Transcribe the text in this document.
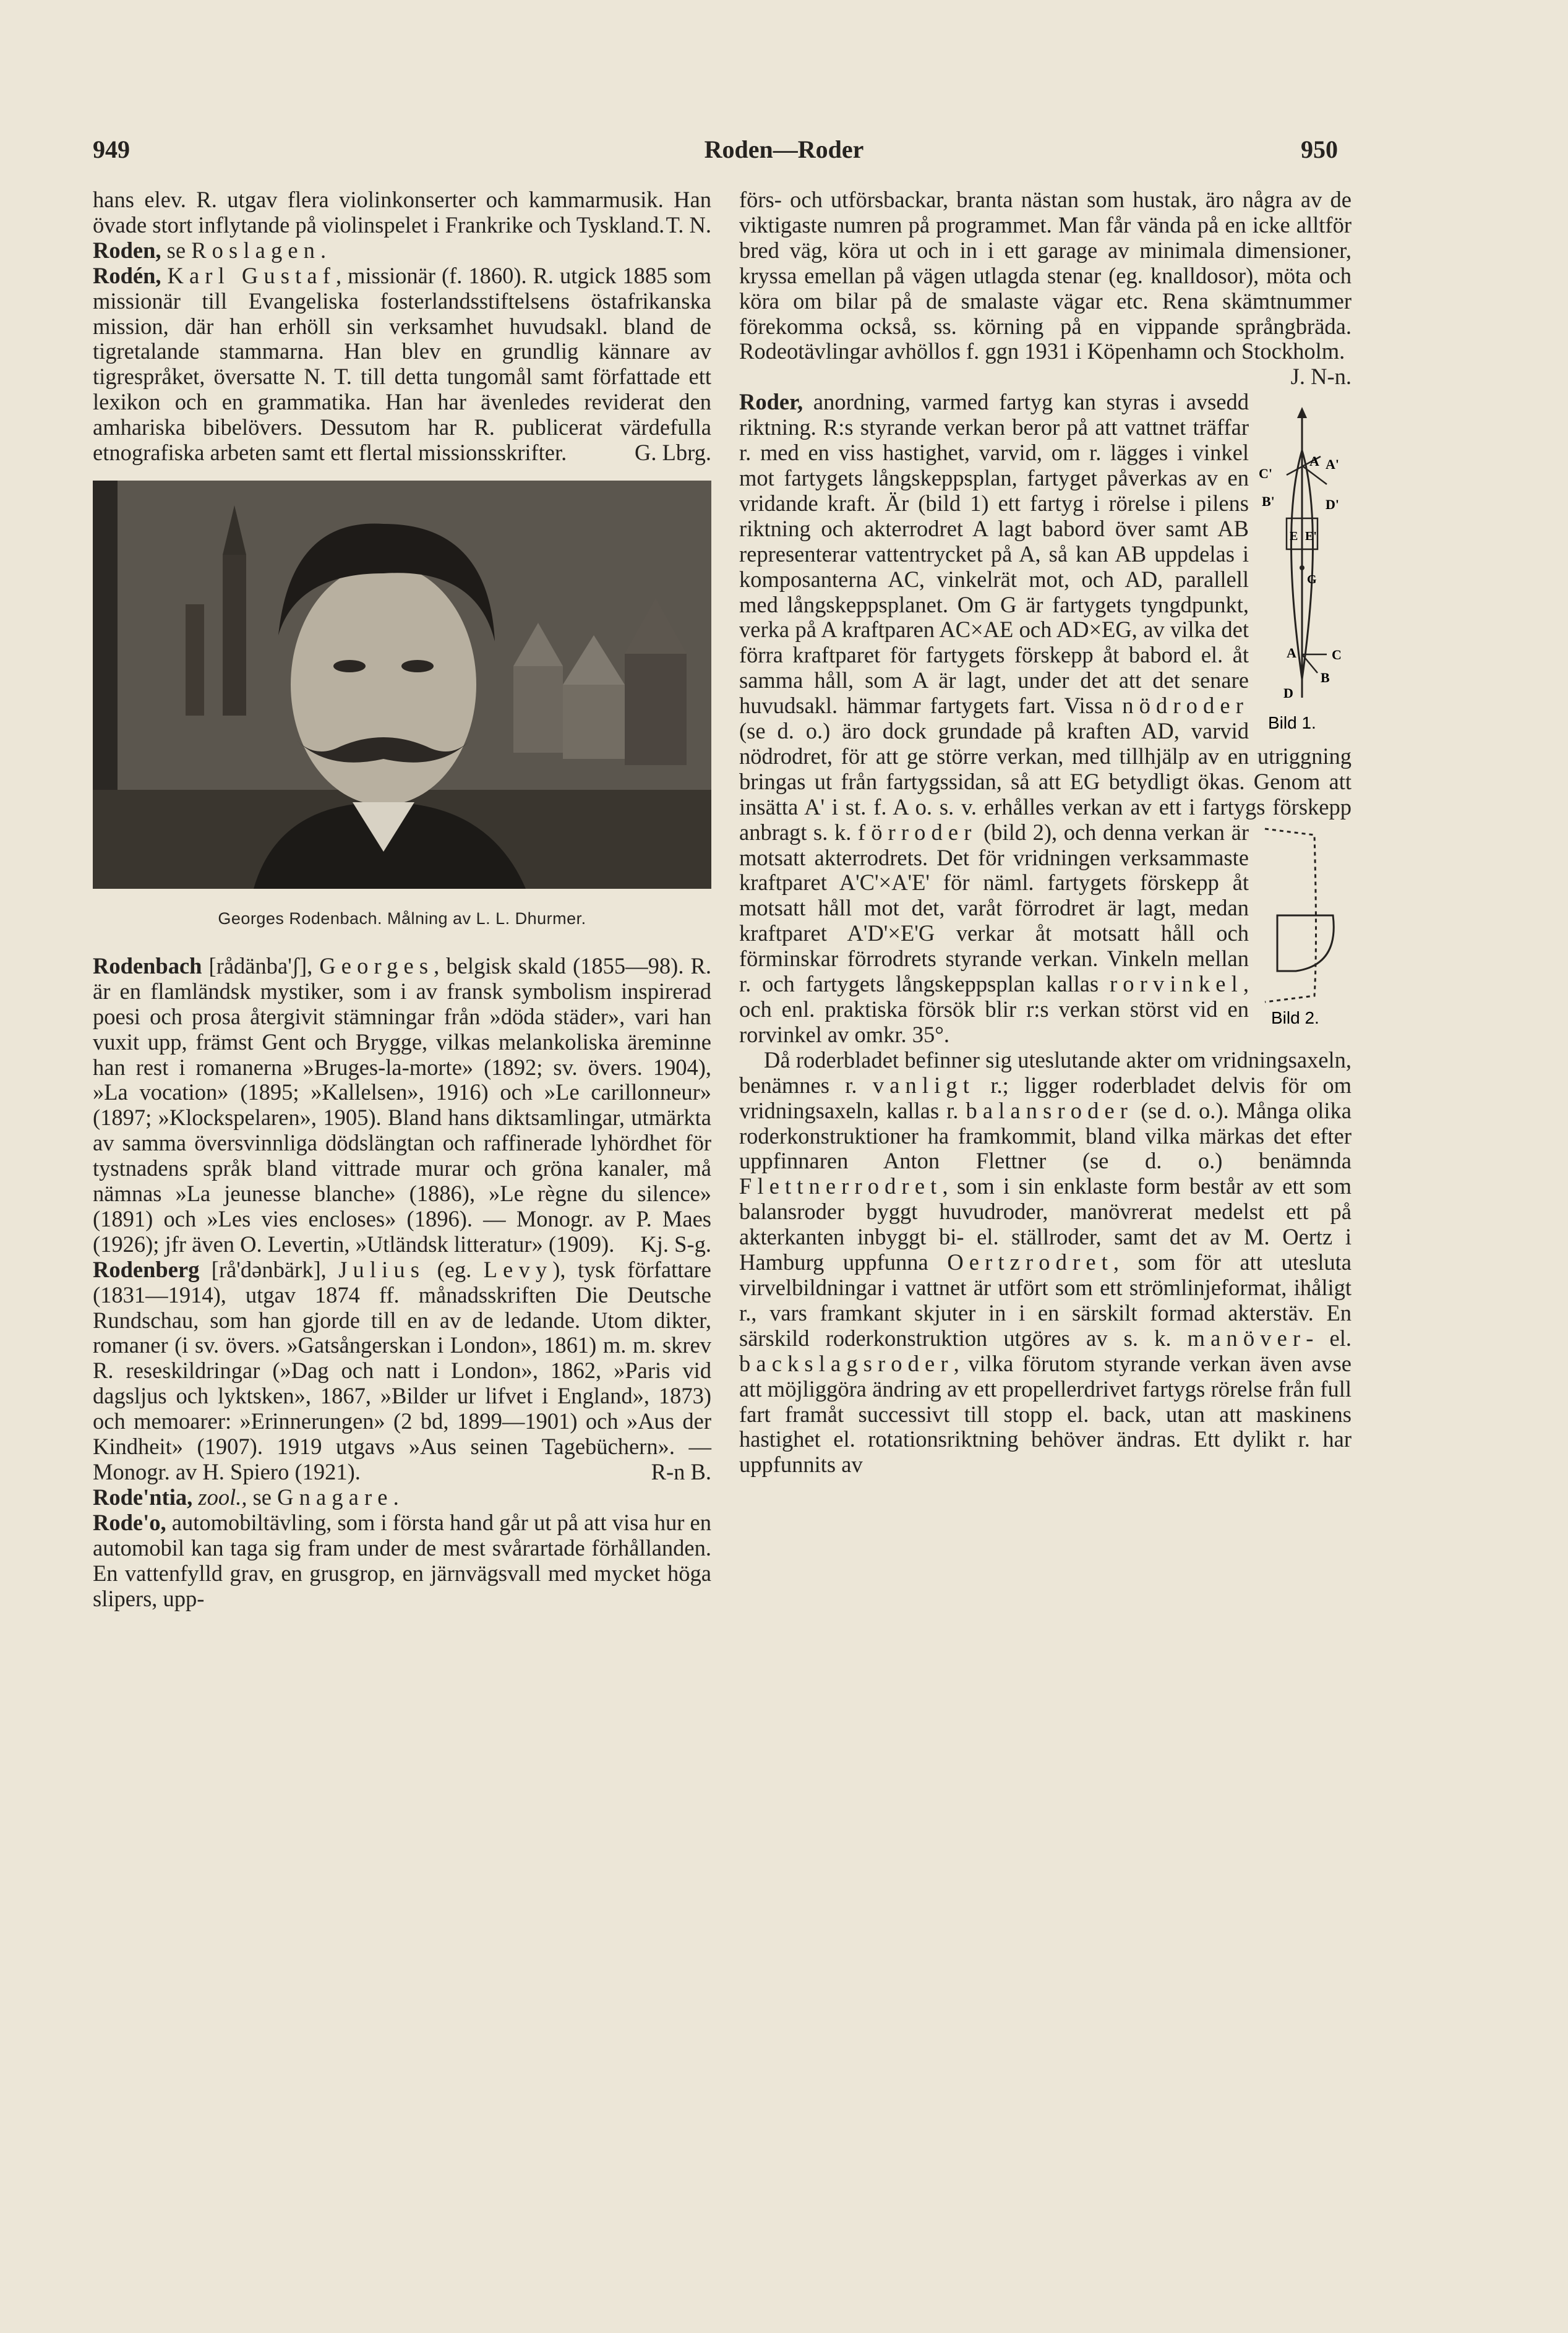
949	Roden—Roder	950

hans elev. R. utgav flera violinkonserter och kammarmusik. Han övade stort inflytande på violinspelet i Frankrike och Tyskland. T. N.

Roden, se Roslagen.

Rodén, Karl Gustaf, missionär (f. 1860). R. utgick 1885 som missionär till Evangeliska fosterlandsstiftelsens östafrikanska mission, där han erhöll sin verksamhet huvudsakl. bland de tigretalande stammarna. Han blev en grundlig kännare av tigrespråket, översatte N. T. till detta tungomål samt författade ett lexikon och en grammatika. Han har ävenledes reviderat den amhariska bibelövers. Dessutom har R. publicerat värdefulla etnografiska arbeten samt ett flertal missionsskrifter.	G. Lbrg.

Georges Rodenbach. Målning av L. L. Dhurmer.

Rodenbach [rådänba'ʃ], Georges, belgisk skald (1855—98). R. är en flamländsk mystiker, som i av fransk symbolism inspirerad poesi och prosa återgivit stämningar från »döda städer», vari han vuxit upp, främst Gent och Brygge, vilkas melankoliska äreminne han rest i romanerna »Bruges-la-morte» (1892; sv. övers. 1904), »La vocation» (1895; »Kallelsen», 1916) och »Le carillonneur» (1897; »Klockspelaren», 1905). Bland hans diktsamlingar, utmärkta av samma översvinnliga dödslängtan och raffinerade lyhördhet för tystnadens språk bland vittrade murar och gröna kanaler, må nämnas »La jeunesse blanche» (1886), »Le règne du silence» (1891) och »Les vies encloses» (1896). — Monogr. av P. Maes (1926); jfr även O. Levertin, »Utländsk litteratur» (1909). Kj. S-g.

Rodenberg [rå'dənbärk], Julius (eg. Levy), tysk författare (1831—1914), utgav 1874 ff. månadsskriften Die Deutsche Rundschau, som han gjorde till en av de ledande. Utom dikter, romaner (i sv. övers. »Gatsångerskan i London», 1861) m. m. skrev R. reseskildringar (»Dag och natt i London», 1862, »Paris vid dagsljus och lyktsken», 1867, »Bilder ur lifvet i England», 1873) och memoarer: »Erinnerungen» (2 bd, 1899—1901) och »Aus der Kindheit» (1907). 1919 utgavs »Aus seinen Tagebüchern». — Monogr. av H. Spiero (1921).	R-n B.

Rode'ntia, zool., se Gnagare.

Rode'o, automobiltävling, som i första hand går ut på att visa hur en automobil kan taga sig fram under de mest svårartade förhållanden. En vattenfylld grav, en grusgrop, en järnvägsvall med mycket höga slipers, upp-

förs- och utförsbackar, branta nästan som hustak, äro några av de viktigaste numren på programmet. Man får vända på en icke alltför bred väg, köra ut och in i ett garage av minimala dimensioner, kryssa emellan på vägen utlagda stenar (eg. knalldosor), möta och köra om bilar på de smalaste vägar etc. Rena skämtnummer förekomma också, ss. körning på en vippande språngbräda. Rodeotävlingar avhöllos f. ggn 1931 i Köpenhamn och Stockholm.
J. N-n.

A
C'
A'
B'	D'
E E'
A	C
B
D
G
Bild 1.
Roder, anordning, varmed fartyg kan styras i avsedd riktning. R:s styrande verkan beror på att vattnet träffar r. med en viss hastighet, varvid, om r. lägges i vinkel mot fartygets långskeppsplan, fartyget påverkas av en vridande kraft. Är (bild 1) ett fartyg i rörelse i pilens riktning och akterrodret A lagt babord över samt AB representerar vattentrycket på A, så kan AB uppdelas i komposanterna AC, vinkelrät mot, och AD, parallell med långskeppsplanet. Om G är fartygets tyngdpunkt, verka på A kraftparen AC×AE och AD×EG, av vilka det förra kraftparet för fartygets förskepp åt babord el. åt samma håll, som A är lagt, under det att det senare huvudsakl. hämmar fartygets fart. Vissa nödroder (se d. o.) äro dock grundade på kraften AD, varvid nödrodret, för att ge större verkan, med tillhjälp av en utriggning bringas ut från fartygssidan, så att EG betydligt ökas. Genom att insätta A' i st. f. A o. s. v. erhålles verkan av ett i fartygs förskepp anbragt s. k.
Bild 2.
förroder (bild 2), och denna verkan är motsatt akterrodrets. Det för vridningen verksammaste kraftparet A'C'×A'E' för näml. fartygets förskepp åt motsatt håll mot det, varåt förrodret är lagt, medan kraftparet A'D'×E'G verkar åt motsatt håll och förminskar förrodrets styrande verkan. Vinkeln mellan r. och fartygets långskeppsplan kallas rorvinkel, och enl. praktiska försök blir r:s verkan störst vid en rorvinkel av omkr. 35°.

Då roderbladet befinner sig uteslutande akter om vridningsaxeln, benämnes r. vanligt r.; ligger roderbladet delvis för om vridningsaxeln, kallas r. balansroder (se d. o.). Många olika roderkonstruktioner ha framkommit, bland vilka märkas det efter uppfinnaren Anton Flettner (se d. o.) benämnda Flettnerrodret, som i sin enklaste form består av ett som balansroder byggt huvudroder, manövrerat medelst ett på akterkanten inbyggt bi- el. ställroder, samt det av M. Oertz i Hamburg uppfunna Oertzrodret, som för att utesluta virvelbildningar i vattnet är utfört som ett strömlinjeformat, ihåligt r., vars framkant skjuter in i en särskilt formad akterstäv. En särskild roderkonstruktion utgöres av s. k. manöver- el. backslagsroder, vilka förutom styrande verkan även avse att möjliggöra ändring av ett propellerdrivet fartygs rörelse från full fart framåt successivt till stopp el. back, utan att maskinens hastighet el. rotationsriktning behöver ändras. Ett dylikt r. har uppfunnits av
